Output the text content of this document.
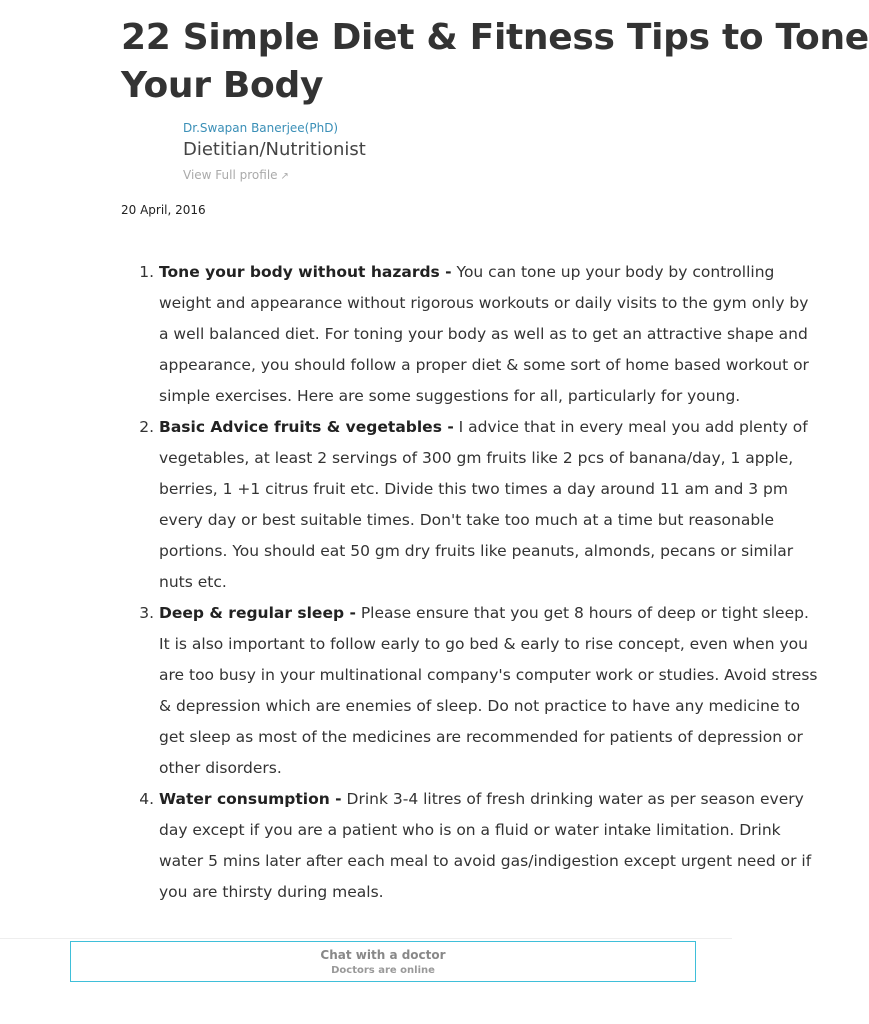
22 Simple Diet & Fitness Tips to Tone
Your Body
Dr.Swapan Banerjee(PhD)
Dietitian/Nutritionist
View Full profile ↗
20 April, 2016
1. Tone your body without hazards - You can tone up your body by controlling weight and appearance without rigorous workouts or daily visits to the gym only by a well balanced diet. For toning your body as well as to get an attractive shape and appearance, you should follow a proper diet & some sort of home based workout or simple exercises. Here are some suggestions for all, particularly for young.
2. Basic Advice fruits & vegetables - I advice that in every meal you add plenty of vegetables, at least 2 servings of 300 gm fruits like 2 pcs of banana/day, 1 apple, berries, 1 +1 citrus fruit etc. Divide this two times a day around 11 am and 3 pm every day or best suitable times. Don't take too much at a time but reasonable portions. You should eat 50 gm dry fruits like peanuts, almonds, pecans or similar nuts etc.
3. Deep & regular sleep - Please ensure that you get 8 hours of deep or tight sleep. It is also important to follow early to go bed & early to rise concept, even when you are too busy in your multinational company's computer work or studies. Avoid stress & depression which are enemies of sleep. Do not practice to have any medicine to get sleep as most of the medicines are recommended for patients of depression or other disorders.
4. Water consumption - Drink 3-4 litres of fresh drinking water as per season every day except if you are a patient who is on a fluid or water intake limitation. Drink water 5 mins later after each meal to avoid gas/indigestion except urgent need or if you are thirsty during meals.
Chat with a doctor
Doctors are online
